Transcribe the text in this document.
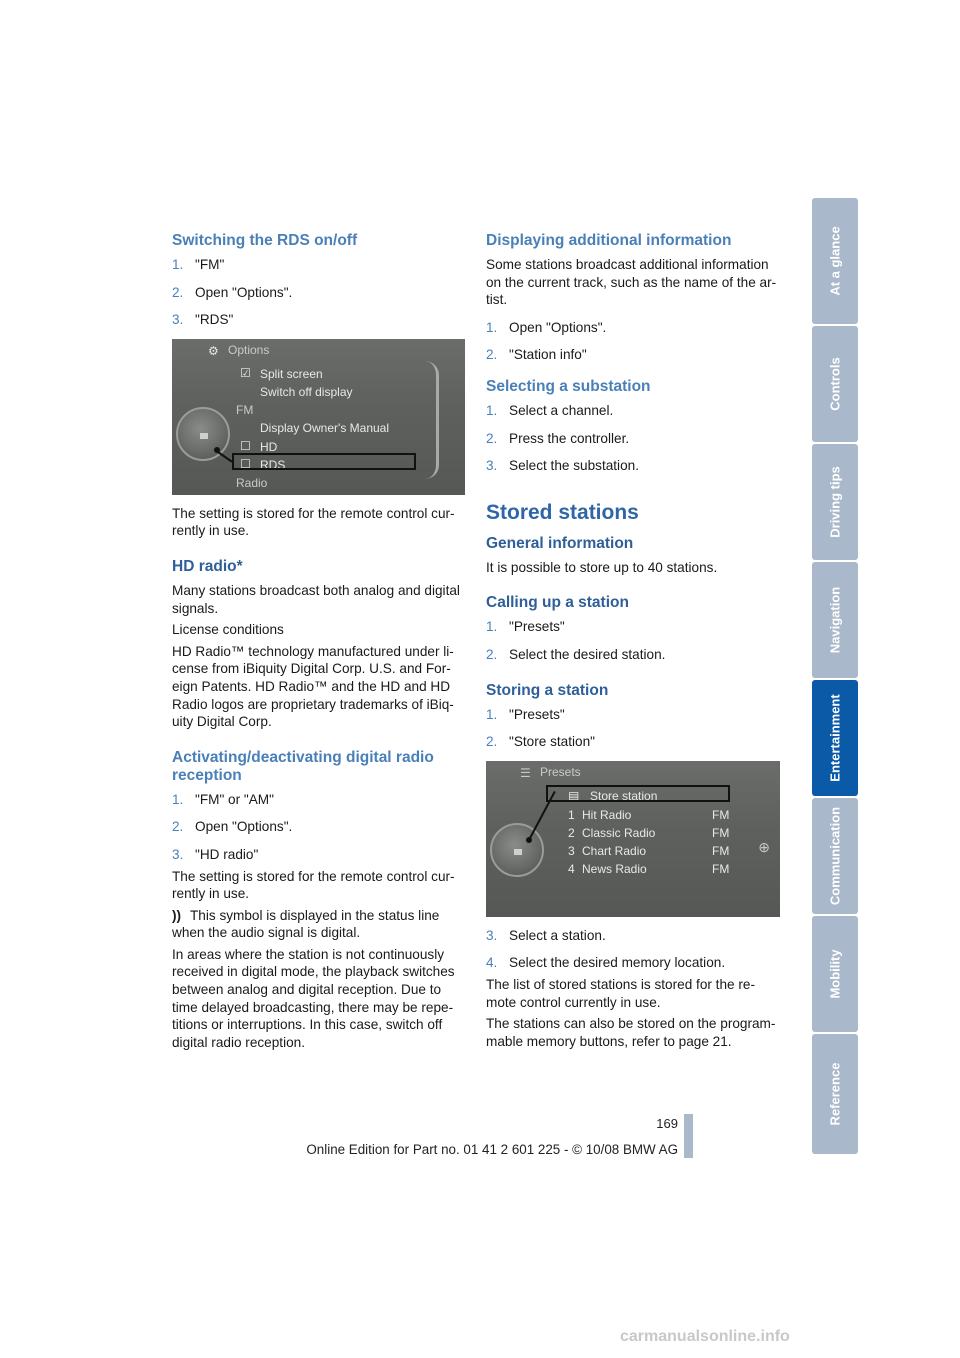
Switching the RDS on/off
1. "FM"
2. Open "Options".
3. "RDS"
⚙ Options
☑ Split screen
Switch off display
FM
Display Owner's Manual
☐ HD
☐ RDS
Radio
The setting is stored for the remote control cur-rently in use.
HD radio*
Many stations broadcast both analog and digital signals.
License conditions
HD Radio™ technology manufactured under li-cense from iBiquity Digital Corp. U.S. and For-eign Patents. HD Radio™ and the HD and HD Radio logos are proprietary trademarks of iBiq-uity Digital Corp.
Activating/deactivating digital radio reception
1. "FM" or "AM"
2. Open "Options".
3. "HD radio"
The setting is stored for the remote control cur-rently in use.
)) This symbol is displayed in the status line when the audio signal is digital.
In areas where the station is not continuously received in digital mode, the playback switches between analog and digital reception. Due to time delayed broadcasting, there may be repe-titions or interruptions. In this case, switch off digital radio reception.
Displaying additional information
Some stations broadcast additional information on the current track, such as the name of the ar-tist.
1. Open "Options".
2. "Station info"
Selecting a substation
1. Select a channel.
2. Press the controller.
3. Select the substation.
Stored stations
General information
It is possible to store up to 40 stations.
Calling up a station
1. "Presets"
2. Select the desired station.
Storing a station
1. "Presets"
2. "Store station"
☰ Presets
▤ Store station
1 Hit Radio	FM
2 Classic Radio	FM
3 Chart Radio	FM
4 News Radio	FM
⊕
3. Select a station.
4. Select the desired memory location.
The list of stored stations is stored for the re-mote control currently in use.
The stations can also be stored on the program-mable memory buttons, refer to page 21.
At a glance
Controls
Driving tips
Navigation
Entertainment
Communication
Mobility
Reference
169
Online Edition for Part no. 01 41 2 601 225 - © 10/08 BMW AG
carmanualsonline.info
